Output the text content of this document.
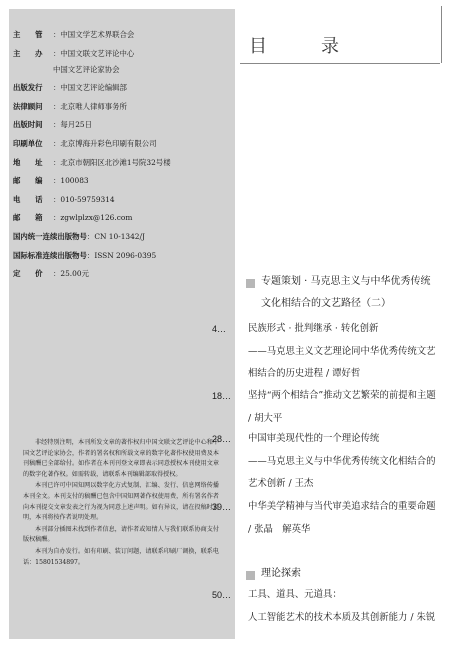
主　　管	： 中国文学艺术界联合会
主　　办	： 中国文联文艺评论中心
中国文艺评论家协会
出版发行	： 中国文艺评论编辑部
法律顾问	： 北京唯人律师事务所
出版时间	： 每月25日
印刷单位	： 北京博海升彩色印刷有限公司
地　　址	： 北京市朝阳区北沙滩1号院32号楼
邮　　编	： 100083
电　　话	： 010-59759314
邮　　箱	： zgwlplzx@126.com
国内统一连续出版物号 ： CN 10-1342/J
国际标准连续出版物号 ： ISSN 2096-0395
定　　价	： 25.00元

非经特别注明，本刊所发文章的著作权归中国文联文艺评论中心和中国文艺评论家协会，作者的署名权和所载文章的数字化著作权使用费及本刊稿酬已全部给付。如作者在本刊刊登文章即表示同意授权本刊使用文章的数字化著作权。如需转载，请联系本刊编辑部取得授权。

本刊已许可中国知网以数字化方式复制、汇编、发行、信息网络传播本刊全文。本刊支付的稿酬已包含中国知网著作权使用费，所有署名作者向本刊提交文章发表之行为视为同意上述声明。如有异议，请在投稿时说明，本刊将按作者说明处理。

本刊部分插图未找到作者信息，请作者或知情人与我们联系协商支付版权稿酬。

本刊为自办发行。如有印刷、装订问题，请联系印刷厂调换，联系电话：15801534897。

目　录
专题策划 · 马克思主义与中华优秀传统
文化相结合的文艺路径（二）
4…	民族形式 · 批判继承 · 转化创新
——马克思主义文艺理论同中华优秀传统文艺
相结合的历史进程 / 谭好哲
18…	坚持“两个相结合”推动文艺繁荣的前提和主题
/ 胡大平
28…	中国审美现代性的一个理论传统
——马克思主义与中华优秀传统文化相结合的
艺术创新 / 王杰
39…	中华美学精神与当代审美追求结合的重要命题
/ 张晶　解英华
理论探索
50…	工具、道具、元道具：
人工智能艺术的技术本质及其创新能力 / 朱锐
